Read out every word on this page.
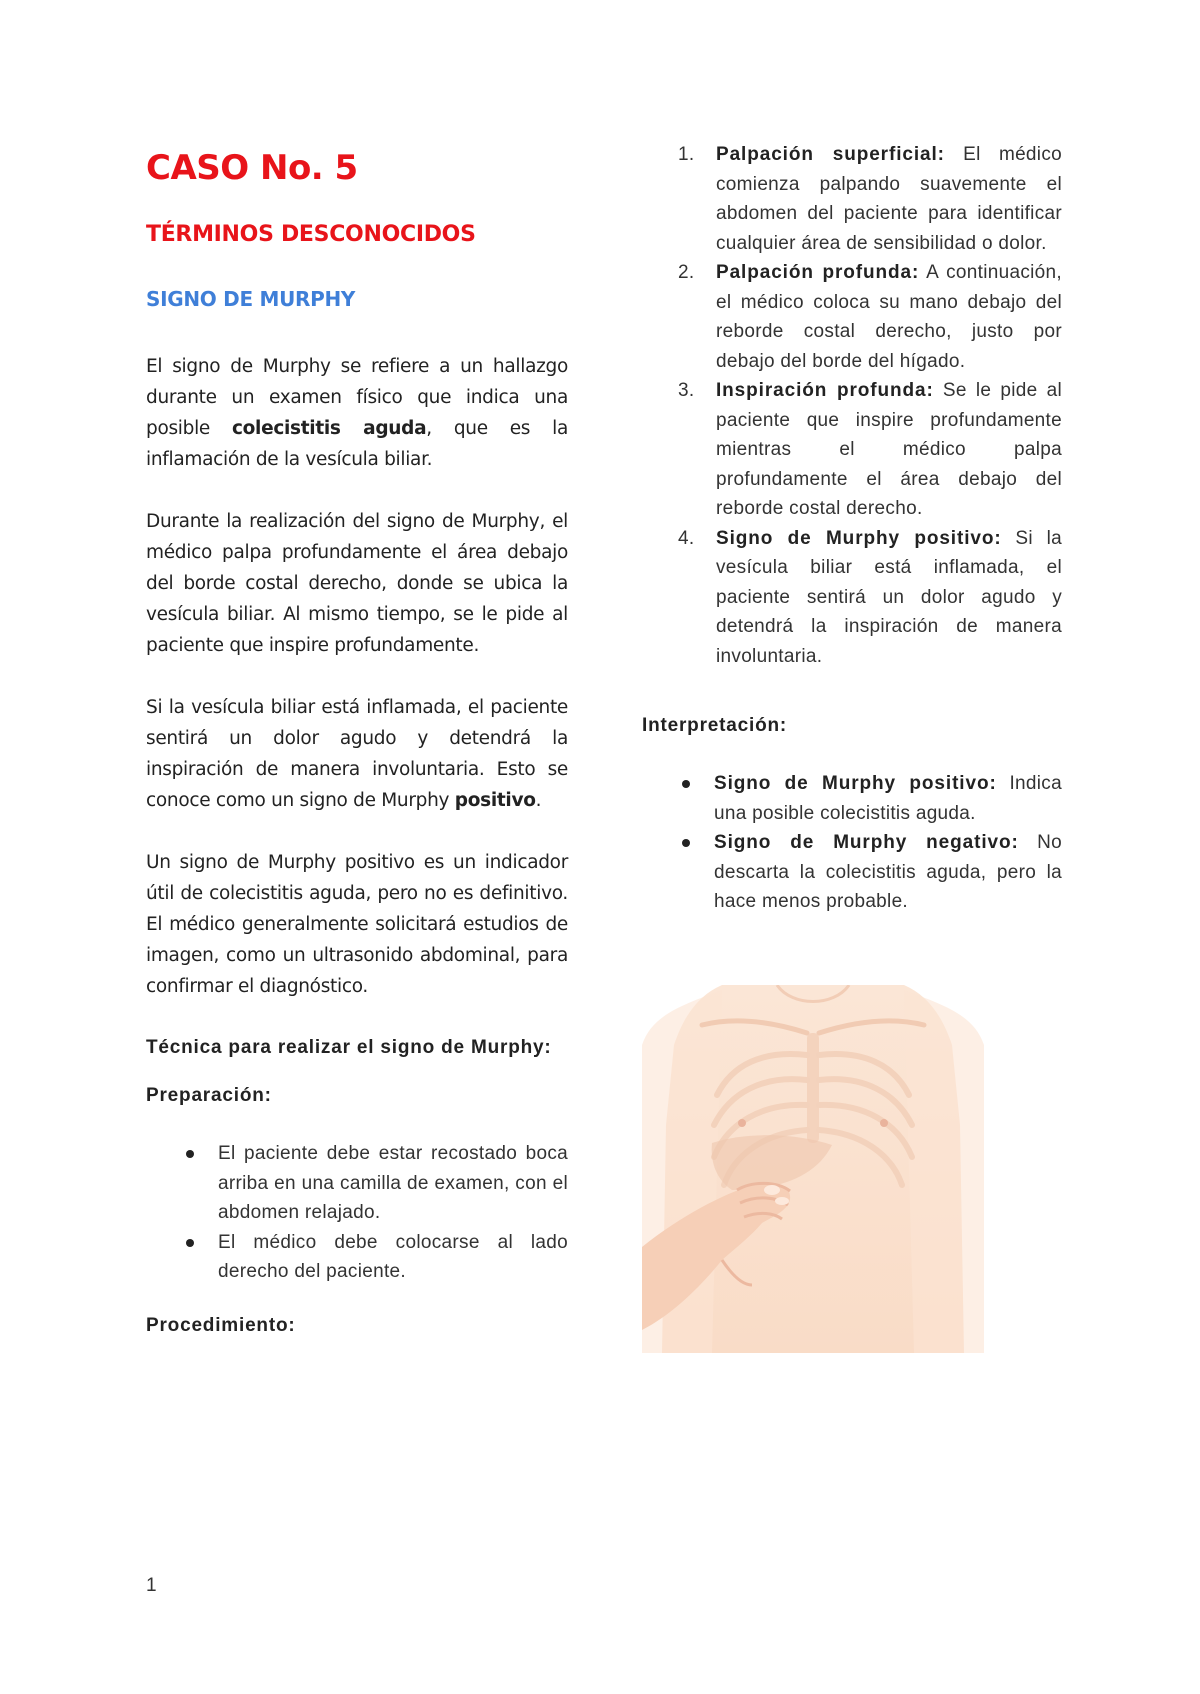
CASO No. 5
TÉRMINOS DESCONOCIDOS
SIGNO DE MURPHY

El signo de Murphy se refiere a un hallazgo durante un examen físico que indica una posible colecistitis aguda, que es la inflamación de la vesícula biliar.

Durante la realización del signo de Murphy, el médico palpa profundamente el área debajo del borde costal derecho, donde se ubica la vesícula biliar. Al mismo tiempo, se le pide al paciente que inspire profundamente.

Si la vesícula biliar está inflamada, el paciente sentirá un dolor agudo y detendrá la inspiración de manera involuntaria. Esto se conoce como un signo de Murphy positivo.

Un signo de Murphy positivo es un indicador útil de colecistitis aguda, pero no es definitivo. El médico generalmente solicitará estudios de imagen, como un ultrasonido abdominal, para confirmar el diagnóstico.

Técnica para realizar el signo de Murphy:

Preparación:

El paciente debe estar recostado boca arriba en una camilla de examen, con el abdomen relajado.
El médico debe colocarse al lado derecho del paciente.

Procedimiento:

1. Palpación superficial: El médico comienza palpando suavemente el abdomen del paciente para identificar cualquier área de sensibilidad o dolor.
2. Palpación profunda: A continuación, el médico coloca su mano debajo del reborde costal derecho, justo por debajo del borde del hígado.
3. Inspiración profunda: Se le pide al paciente que inspire profundamente mientras el médico palpa profundamente el área debajo del reborde costal derecho.
4. Signo de Murphy positivo: Si la vesícula biliar está inflamada, el paciente sentirá un dolor agudo y detendrá la inspiración de manera involuntaria.

Interpretación:

Signo de Murphy positivo: Indica una posible colecistitis aguda.
Signo de Murphy negativo: No descarta la colecistitis aguda, pero la hace menos probable.
1
